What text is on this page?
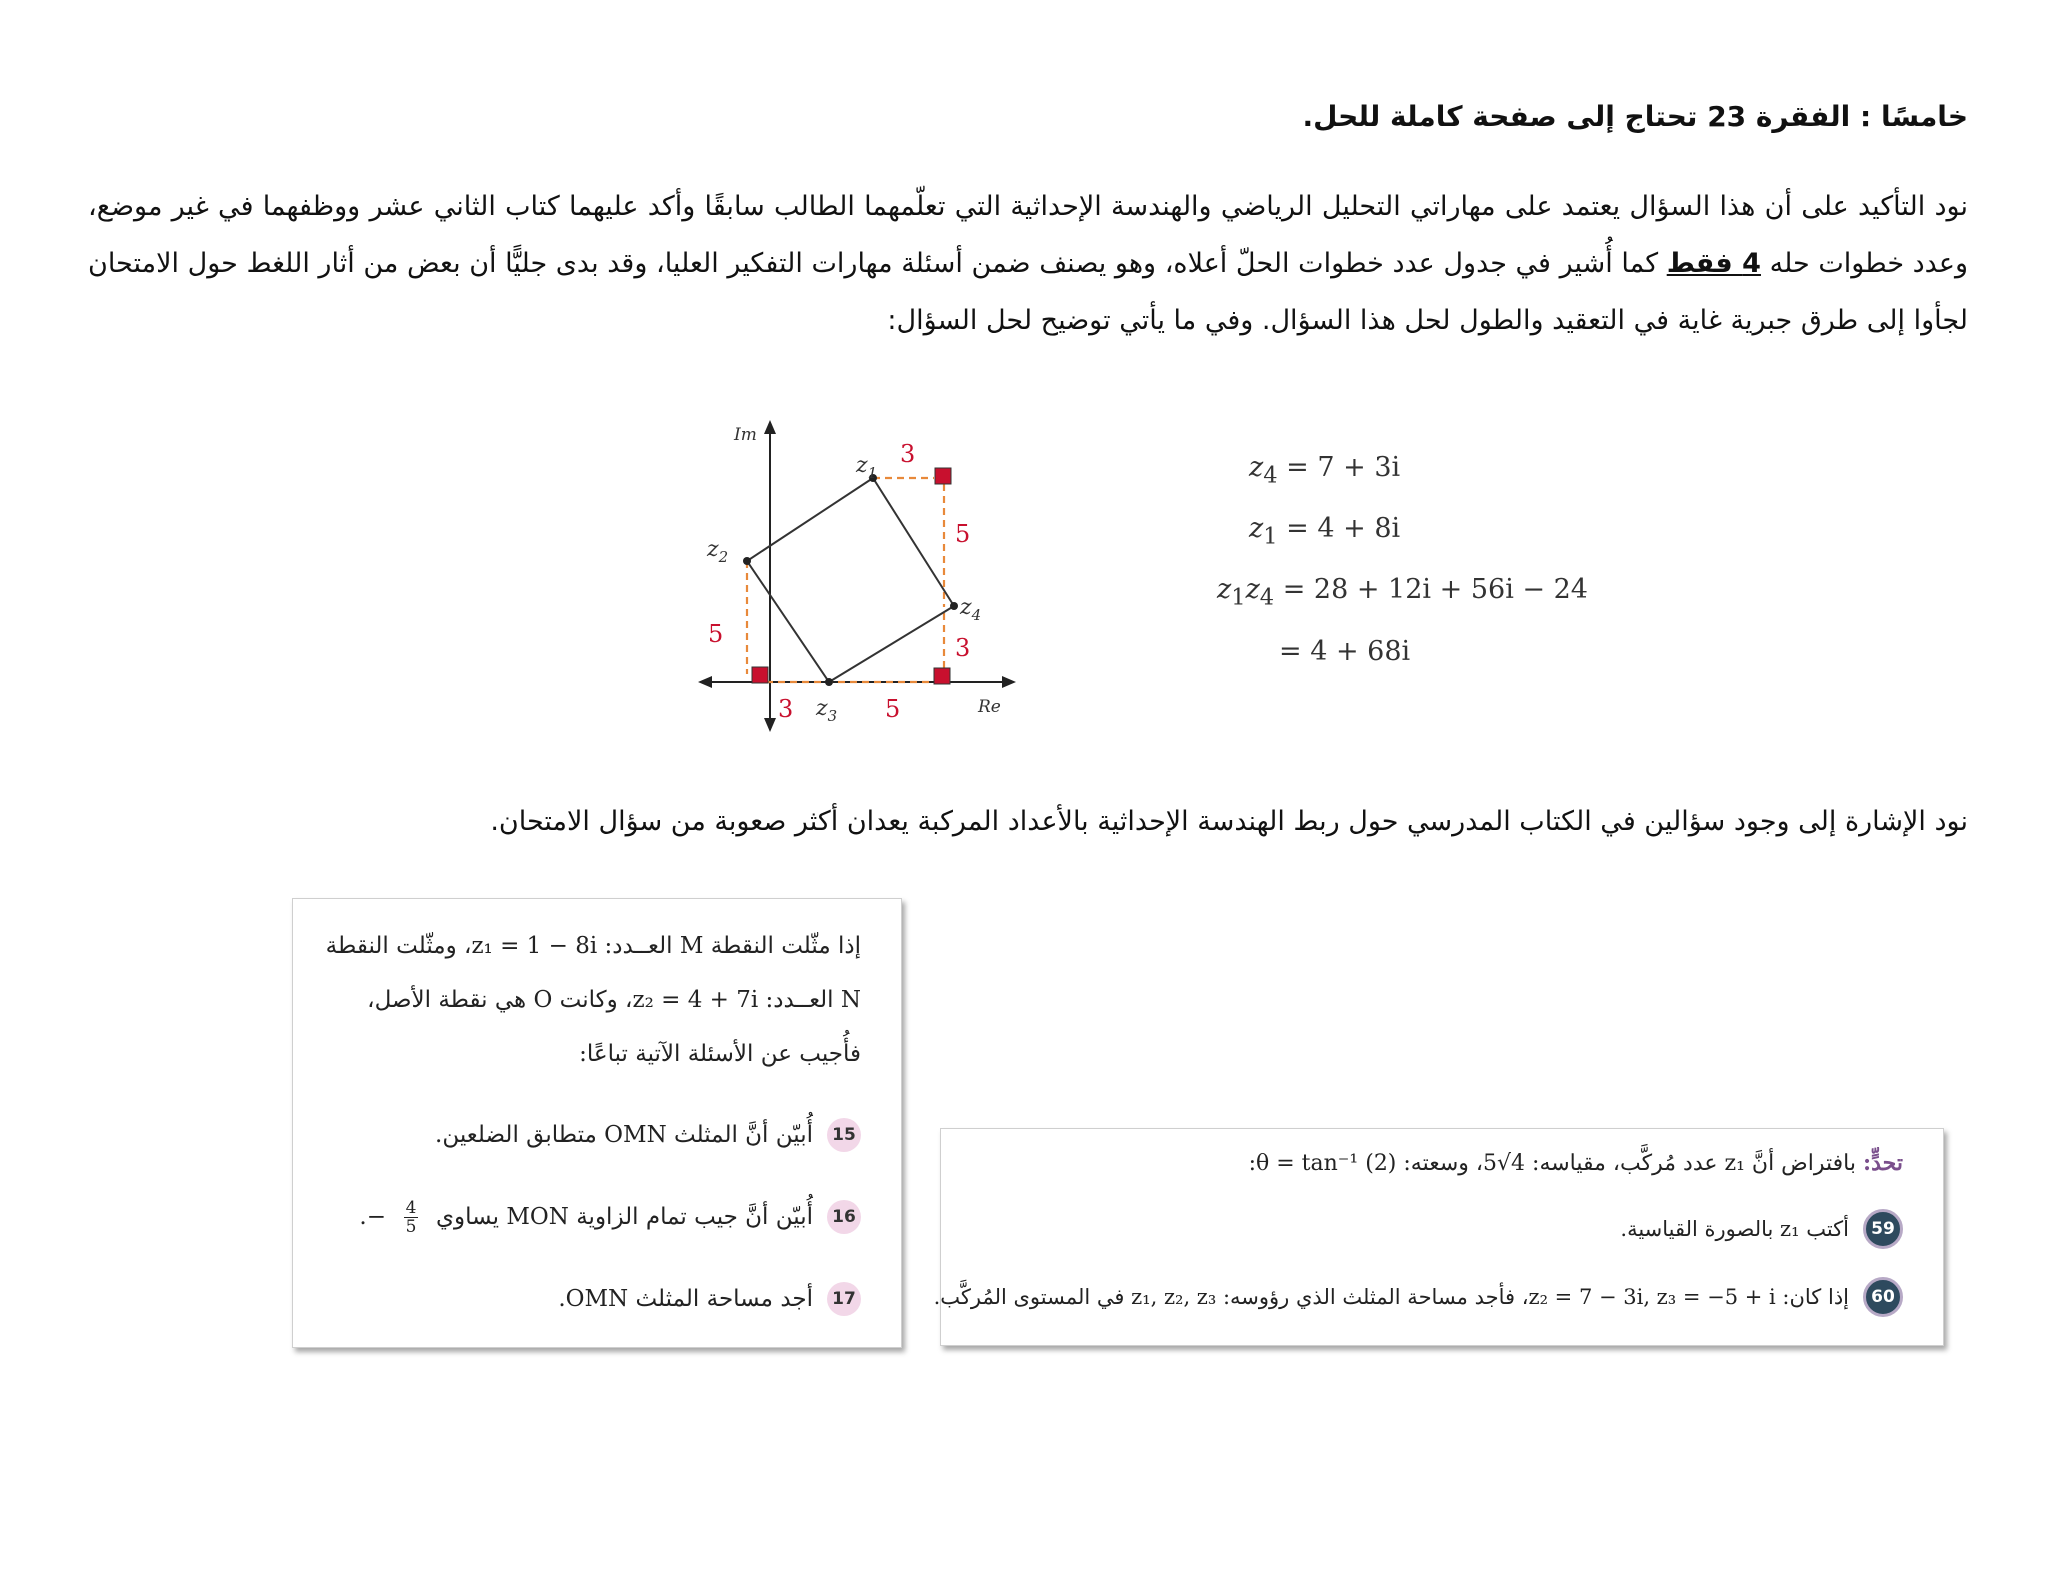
خامسًا : الفقرة 23 تحتاج إلى صفحة كاملة للحل.

نود التأكيد على أن هذا السؤال يعتمد على مهاراتي التحليل الرياضي والهندسة الإحداثية التي تعلّمهما الطالب سابقًا وأكد عليهما كتاب الثاني عشر ووظفهما في غير موضع، وعدد خطوات حله 4 فقط كما أُشير في جدول عدد خطوات الحلّ أعلاه، وهو يصنف ضمن أسئلة مهارات التفكير العليا، وقد بدى جليًّا أن بعض من أثار اللغط حول الامتحان لجأوا إلى طرق جبرية غاية في التعقيد والطول لحل هذا السؤال. وفي ما يأتي توضيح لحل السؤال:

Im
Re
$z_1$
$z_2$
$z_3$
$z_4$
3
5
3
5
3	5
$z_4 = 7 + 3i$
$z_1 = 4 + 8i$
$z_1z_4 = 28 + 12i + 56i - 24$
= 4 + 68i

نود الإشارة إلى وجود سؤالين في الكتاب المدرسي حول ربط الهندسة الإحداثية بالأعداد المركبة يعدان أكثر صعوبة من سؤال الامتحان.

إذا مثّلت النقطة M العــدد: z₁ = 1 − 8i، ومثّلت النقطة N العــدد: z₂ = 4 + 7i، وكانت O هي نقطة الأصل، فأُجيب عن الأسئلة الآتية تباعًا:

15
أُبيّن أنَّ المثلث OMN متطابق الضلعين.
16
أُبيّن أنَّ جيب تمام الزاوية MON يساوي
$\frac{4}{5}$
−.
17
أجد مساحة المثلث OMN.

تحدٍّ: بافتراض أنَّ z₁ عدد مُركَّب، مقياسه: 4√5، وسعته: θ = tan⁻¹ (2):

59
أكتب z₁ بالصورة القياسية.
60
إذا كان: z₂ = 7 − 3i, z₃ = −5 + i، فأجد مساحة المثلث الذي رؤوسه: z₁, z₂, z₃ في المستوى المُركَّب.
